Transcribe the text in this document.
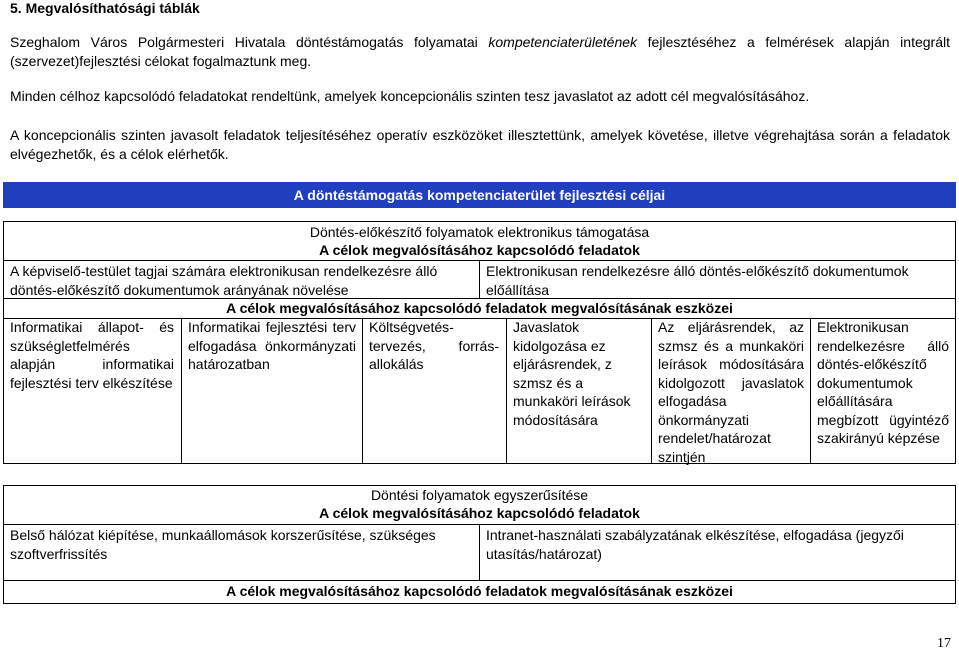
5. Megvalósíthatósági táblák
Szeghalom Város Polgármesteri Hivatala döntéstámogatás folyamatai kompetenciaterületének fejlesztéséhez a felmérések alapján integrált (szervezet)fejlesztési célokat fogalmaztunk meg.
Minden célhoz kapcsolódó feladatokat rendeltünk, amelyek koncepcionális szinten tesz javaslatot az adott cél megvalósításához.
A koncepcionális szinten javasolt feladatok teljesítéséhez operatív eszközöket illesztettünk, amelyek követése, illetve végrehajtása során a feladatok elvégezhetők, és a célok elérhetők.
A döntéstámogatás kompetenciaterület fejlesztési céljai
Döntés-előkészítő folyamatok elektronikus támogatása
A célok megvalósításához kapcsolódó feladatok
A képviselő-testület tagjai számára elektronikusan rendelkezésre álló döntés-előkészítő dokumentumok arányának növelése
Elektronikusan rendelkezésre álló döntés-előkészítő dokumentumok előállítása
A célok megvalósításához kapcsolódó feladatok megvalósításának eszközei
Informatikai állapot- és szükségletfelmérés alapján informatikai fejlesztési terv elkészítése
Informatikai fejlesztési terv elfogadása önkormányzati határozatban
Költségvetés-tervezés, forrás-allokálás
Javaslatok kidolgozása ez eljárásrendek, z szmsz és a munkaköri leírások módosítására
Az eljárásrendek, az szmsz és a munkaköri leírások módosítására kidolgozott javaslatok elfogadása önkormányzati rendelet/határozat szintjén
Elektronikusan rendelkezésre álló döntés-előkészítő dokumentumok előállítására megbízott ügyintéző szakirányú képzése
Döntési folyamatok egyszerűsítése
A célok megvalósításához kapcsolódó feladatok
Belső hálózat kiépítése, munkaállomások korszerűsítése, szükséges szoftverfrissítés
Intranet-használati szabályzatának elkészítése, elfogadása (jegyzői utasítás/határozat)
A célok megvalósításához kapcsolódó feladatok megvalósításának eszközei
17
